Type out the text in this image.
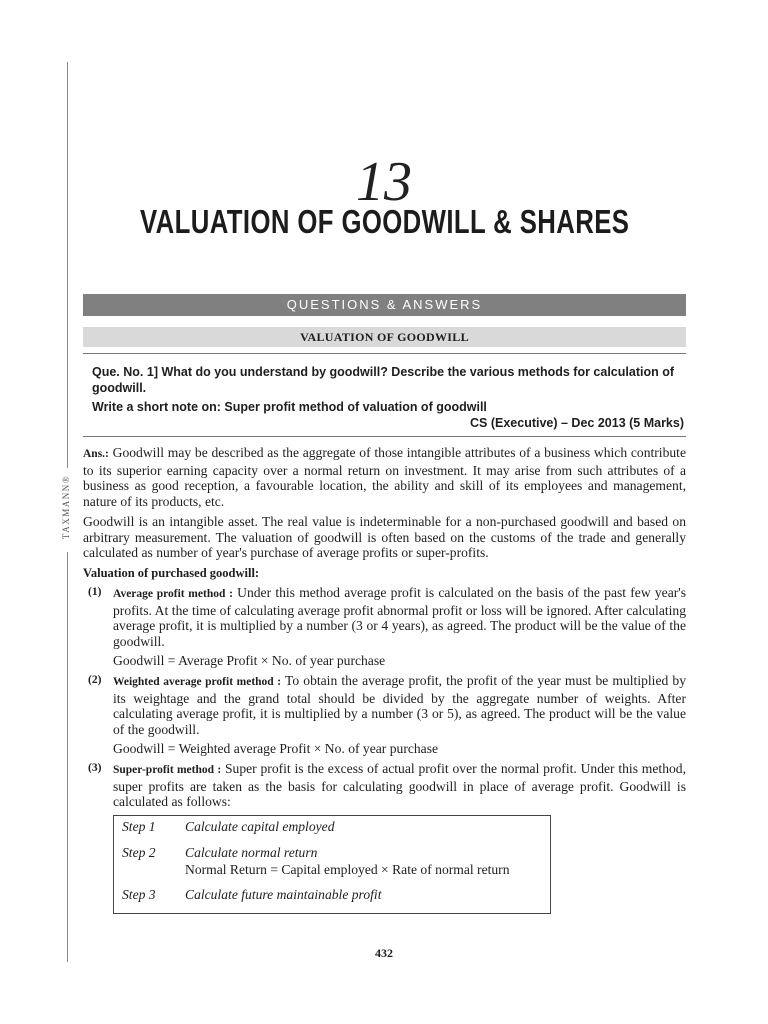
TAXMANN®
13
VALUATION OF GOODWILL & SHARES
QUESTIONS & ANSWERS
VALUATION OF GOODWILL
Que. No. 1] What do you understand by goodwill? Describe the various methods for calculation of goodwill.
Write a short note on: Super profit method of valuation of goodwill
CS (Executive) – Dec 2013 (5 Marks)
Ans.: Goodwill may be described as the aggregate of those intangible attributes of a business which contribute to its superior earning capacity over a normal return on investment. It may arise from such attributes of a business as good reception, a favourable location, the ability and skill of its employees and management, nature of its products, etc.
Goodwill is an intangible asset. The real value is indeterminable for a non-purchased goodwill and based on arbitrary measurement. The valuation of goodwill is often based on the customs of the trade and generally calculated as number of year's purchase of average profits or super-profits.
Valuation of purchased goodwill:
(1) Average profit method : Under this method average profit is calculated on the basis of the past few year's profits. At the time of calculating average profit abnormal profit or loss will be ignored. After calculating average profit, it is multiplied by a number (3 or 4 years), as agreed. The product will be the value of the goodwill.
Goodwill = Average Profit × No. of year purchase
(2) Weighted average profit method : To obtain the average profit, the profit of the year must be multiplied by its weightage and the grand total should be divided by the aggregate number of weights. After calculating average profit, it is multiplied by a number (3 or 5), as agreed. The product will be the value of the goodwill.
Goodwill = Weighted average Profit × No. of year purchase
(3) Super-profit method : Super profit is the excess of actual profit over the normal profit. Under this method, super profits are taken as the basis for calculating goodwill in place of average profit. Goodwill is calculated as follows:
Step 1 Calculate capital employed
Step 2 Calculate normal return
Normal Return = Capital employed × Rate of normal return
Step 3 Calculate future maintainable profit
432
